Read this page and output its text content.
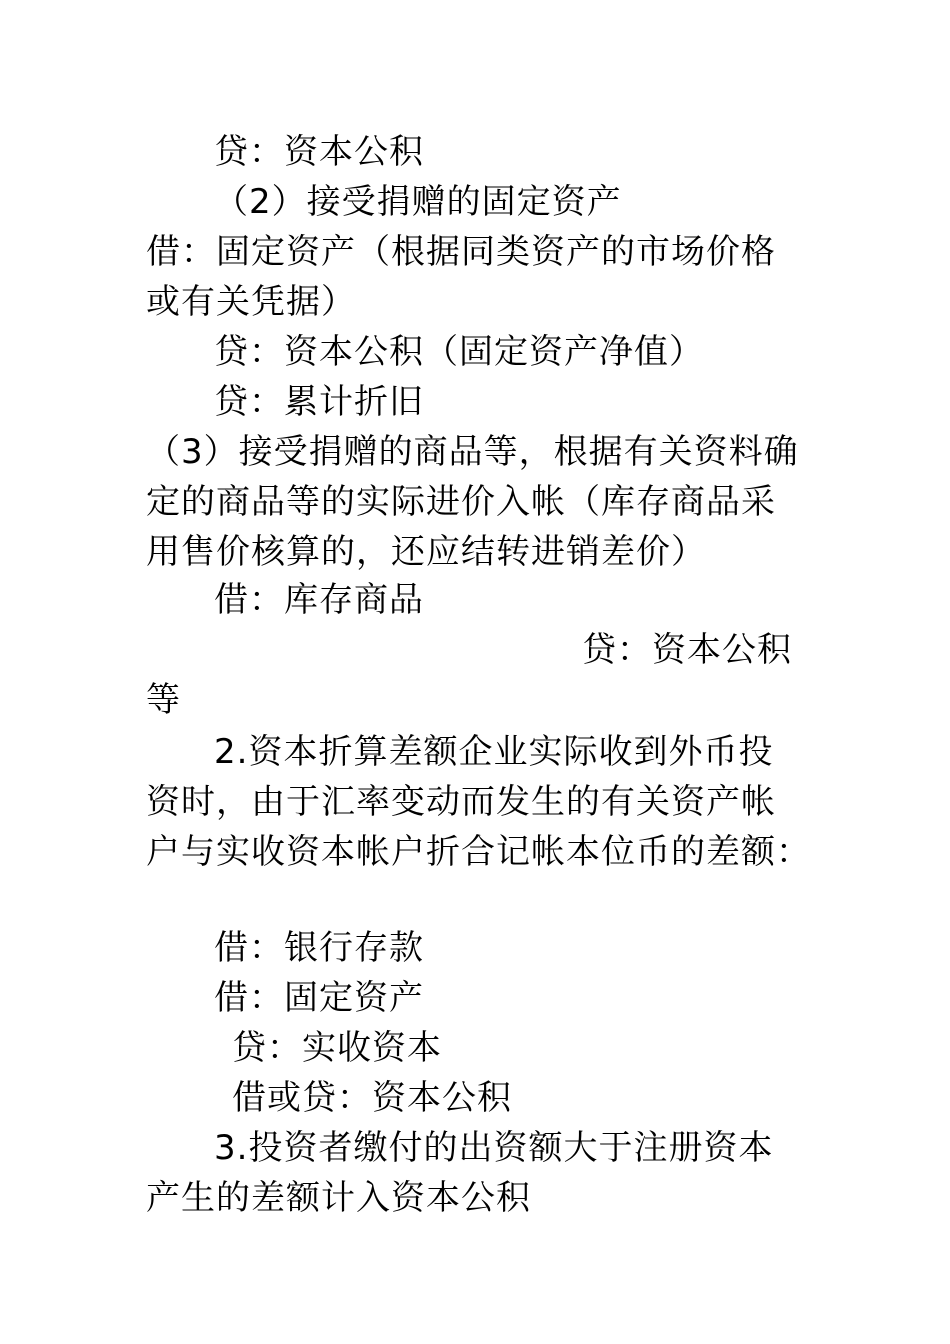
贷：资本公积
（2）接受捐赠的固定资产
借：固定资产（根据同类资产的市场价格
或有关凭据）
贷：资本公积（固定资产净值）
贷：累计折旧
（3）接受捐赠的商品等，根据有关资料确
定的商品等的实际进价入帐（库存商品采
用售价核算的，还应结转进销差价）
借：库存商品
贷：资本公积
等
2.资本折算差额企业实际收到外币投
资时，由于汇率变动而发生的有关资产帐
户与实收资本帐户折合记帐本位币的差额：
借：银行存款
借：固定资产
贷：实收资本
借或贷：资本公积
3.投资者缴付的出资额大于注册资本
产生的差额计入资本公积
